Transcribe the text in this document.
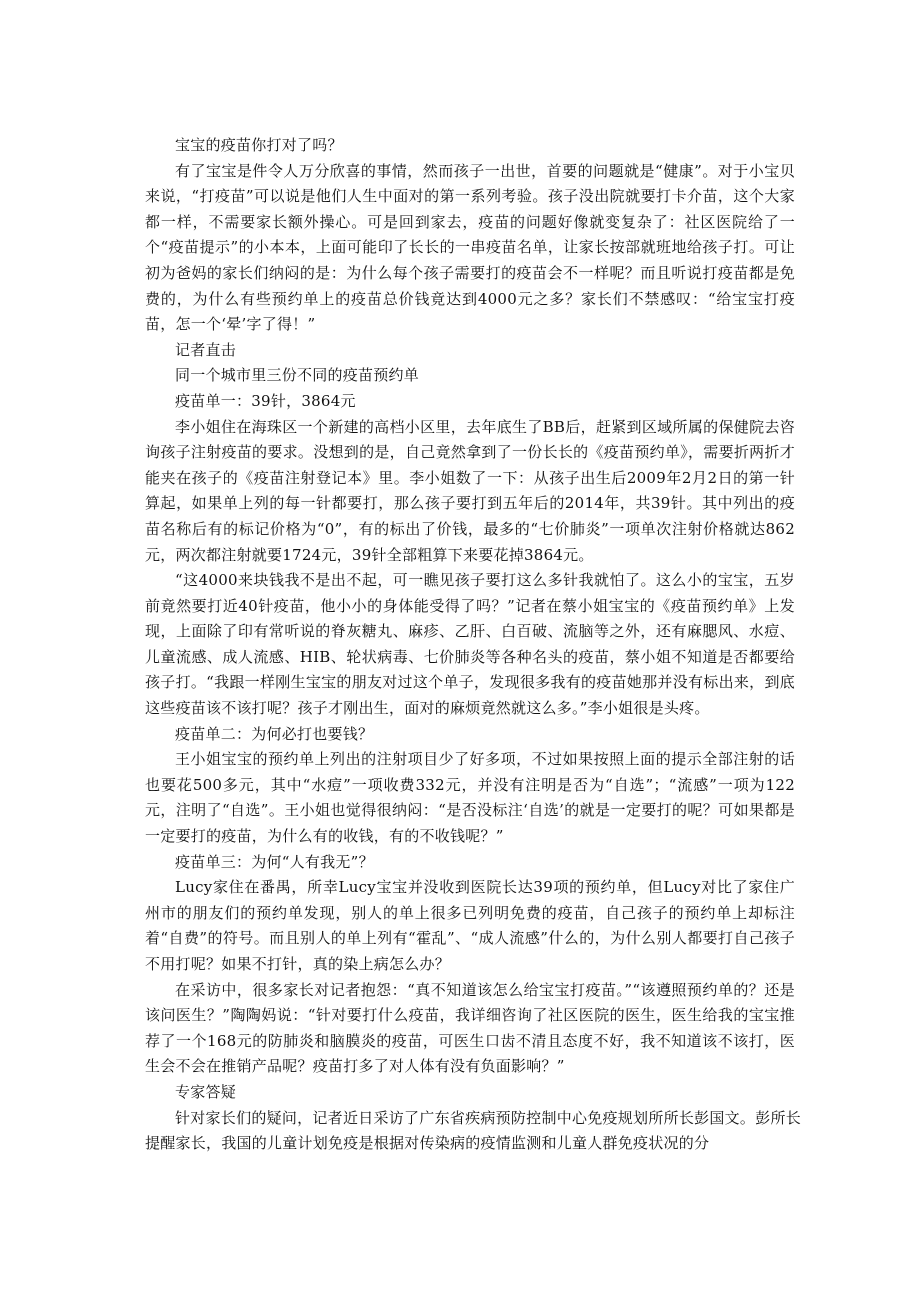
宝宝的疫苗你打对了吗？

有了宝宝是件令人万分欣喜的事情，然而孩子一出世，首要的问题就是“健康”。对于小宝贝来说，“打疫苗”可以说是他们人生中面对的第一系列考验。孩子没出院就要打卡介苗，这个大家都一样，不需要家长额外操心。可是回到家去，疫苗的问题好像就变复杂了：社区医院给了一个“疫苗提示”的小本本，上面可能印了长长的一串疫苗名单，让家长按部就班地给孩子打。可让初为爸妈的家长们纳闷的是：为什么每个孩子需要打的疫苗会不一样呢？而且听说打疫苗都是免费的，为什么有些预约单上的疫苗总价钱竟达到4000元之多？家长们不禁感叹：“给宝宝打疫苗，怎一个‘晕’字了得！”

记者直击

同一个城市里三份不同的疫苗预约单

疫苗单一：39针，3864元

李小姐住在海珠区一个新建的高档小区里，去年底生了BB后，赶紧到区域所属的保健院去咨询孩子注射疫苗的要求。没想到的是，自己竟然拿到了一份长长的《疫苗预约单》，需要折两折才能夹在孩子的《疫苗注射登记本》里。李小姐数了一下：从孩子出生后2009年2月2日的第一针算起，如果单上列的每一针都要打，那么孩子要打到五年后的2014年，共39针。其中列出的疫苗名称后有的标记价格为“0”，有的标出了价钱，最多的“七价肺炎”一项单次注射价格就达862元，两次都注射就要1724元，39针全部粗算下来要花掉3864元。

“这4000来块钱我不是出不起，可一瞧见孩子要打这么多针我就怕了。这么小的宝宝，五岁前竟然要打近40针疫苗，他小小的身体能受得了吗？”记者在蔡小姐宝宝的《疫苗预约单》上发现，上面除了印有常听说的脊灰糖丸、麻疹、乙肝、白百破、流脑等之外，还有麻腮风、水痘、儿童流感、成人流感、HIB、轮状病毒、七价肺炎等各种名头的疫苗，蔡小姐不知道是否都要给孩子打。“我跟一样刚生宝宝的朋友对过这个单子，发现很多我有的疫苗她那并没有标出来，到底这些疫苗该不该打呢？孩子才刚出生，面对的麻烦竟然就这么多。”李小姐很是头疼。

疫苗单二：为何必打也要钱？

王小姐宝宝的预约单上列出的注射项目少了好多项，不过如果按照上面的提示全部注射的话也要花500多元，其中“水痘”一项收费332元，并没有注明是否为“自选”；“流感”一项为122元，注明了“自选”。王小姐也觉得很纳闷：“是否没标注‘自选’的就是一定要打的呢？可如果都是一定要打的疫苗，为什么有的收钱，有的不收钱呢？”

疫苗单三：为何“人有我无”？

Lucy家住在番禺，所幸Lucy宝宝并没收到医院长达39项的预约单，但Lucy对比了家住广州市的朋友们的预约单发现，别人的单上很多已列明免费的疫苗，自己孩子的预约单上却标注着“自费”的符号。而且别人的单上列有“霍乱”、“成人流感”什么的，为什么别人都要打自己孩子不用打呢？如果不打针，真的染上病怎么办？

在采访中，很多家长对记者抱怨：“真不知道该怎么给宝宝打疫苗。”“该遵照预约单的？还是该问医生？”陶陶妈说：“针对要打什么疫苗，我详细咨询了社区医院的医生，医生给我的宝宝推荐了一个168元的防肺炎和脑膜炎的疫苗，可医生口齿不清且态度不好，我不知道该不该打，医生会不会在推销产品呢？疫苗打多了对人体有没有负面影响？”

专家答疑

针对家长们的疑问，记者近日采访了广东省疾病预防控制中心免疫规划所所长彭国文。彭所长提醒家长，我国的儿童计划免疫是根据对传染病的疫情监测和儿童人群免疫状况的分
